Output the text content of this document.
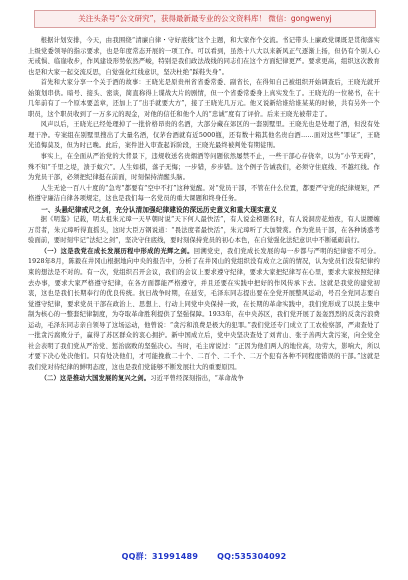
关注头条号“公文研究”，获得最新最专业的公文资料库！ 微信：gongwenyj

根据计划安排，今天，由我围绕“清廉自律・守好底线”这个主题，和大家作个交流。书记带头上廉政党课既是贯彻落实上级党委领导的指示要求，也是年度常态开展的一项工作。可以看到，虽然十八大以来新风正气逐渐上扬，但仍有个别人心无戒惧、临崖收步，作风建设形势依然严峻，特别是我们政法战线的同志们在这个方面纪律更严。要求更高，组织这次教育也是和大家一起交流反思，自觉强化红线意识，坚决杜绝“踩鞋失身”。

首先和大家分享一个关于酒的故事：王晓光是原贵州省省委常委、副省长，在得知自己被组织开始调查后，王晓光就开始策划串供。暗号、接头、密谈，简直称得上谍战大片的剧情，但一个省委常委身上真实发生了。王晓光的一位秘书，在十几年前有了一个原本要盖章，还加上了“出手就要大方”，接了王晓光几万元。他又说新给谁给谁某某的时候，共有另外一个职员，这个职员收到了一万多元的现金，对他的信任和他个人的“忠诚”度有了评价。后来王晓光被带走了。

风声以后，王晓光已经处理掉了一批价格昂贵的名酒，大部分藏在郊区的一套别墅里。王晓光也是处理了酒，但没有处理干净。专案组在别墅里搜出了大量名酒，仅茅台酒就有近5000瓶，还有数十箱其他名贵白酒……面对这些“罪证”，王晓光追悔莫及，但为时已晚。此后，案件进入审查起诉阶段，王晓光最终被判处有期徒刑。

事实上，在全面从严治党的大背景下，违规收送名贵烟酒等问题依然屡禁不止，一些干部心存侥幸，以为“小节无碍”，殊不知“千里之堤，溃于蚁穴”。人生如棋，落子无悔；一步错，步步错。这个例子告诫我们，必须守住底线、不越红线。作为党员干部，必须把纪律挺在前面，时刻保持清醒头脑。

人生无论一百八十度的“急弯”都要有“空中不打”这种觉醒。对“党员干部，不管在什么位置，都要严守党的纪律规矩，严格遵守廉洁自律各项规定，这也是我们每一名党员的重大课题和终身任务。

一、头悬纪律戒尺之剑，充分认清加强纪律建设的深远历史意义和重大现实意义

据《明鉴》记载，明太祖朱元璋一天早朝时说“天下何人最快活”，有人说金榜题名时，有人说洞房花烛夜，有人说腰缠万贯者，朱元璋听得直摇头，这时大臣万钢说道：“畏法度者最快活”，朱元璋听了大加赞赏。作为党员干部，在各种诱惑考验面前，要时刻牢记“法纪之剑”，坚决守住底线，要时刻保持党员的初心本色，在自觉强化法纪意识中不断砥砺前行。

（一）这是我党在成长发展历程中形成的光辉之剑。回溯党史，我们党成长发展的每一步都与严明的纪律密不可分。1928年8月，陈毅在井冈山根据地向中央的报告中，分析了在井冈山的党组织没有成立之前的情况，认为党员们没有纪律约束的想法是不对的。有一次，党组织召开会议，我们的会议上要求遵守纪律，要求大家把纪律写在心里，要求大家按照纪律去办事，要求大家严格遵守纪律，在各方面都能严格遵守，并且还要在实践中把好的作风传承下去。这就是我党的建党初衷，这也是我们长期奉行的优良传统。抗日战争时期，在延安，毛泽东同志提出要在全党开展整风运动，号召全党同志要自觉遵守纪律，要求党员干部在政治上、思想上、行动上同党中央保持一致，在长期的革命实践中，我们党形成了以民主集中制为核心的一整套纪律制度，为夺取革命胜利提供了坚强保障。1933年，在中央苏区，我们党开展了轰轰烈烈的反贪污浪费运动，毛泽东同志亲自领导了这场运动，他曾说：“贪污和浪费是极大的犯罪。”我们党还专门成立了工农检察部，严肃查处了一批贪污腐败分子，赢得了苏区群众的衷心拥护。新中国成立后，党中央坚决查处了刘青山、张子善两大贪污案，向全党全社会表明了我们党从严治党、惩治腐败的坚强决心。当时，毛主席说过：“正因为他们两人的地位高，功劳大，影响大，所以才要下决心处决他们。只有处决他们，才可能挽救二十个、二百个、二千个、二万个犯有各种不同程度错误的干部。”这就是我们党对待纪律的鲜明态度，这也是我们党能够不断发展壮大的重要原因。

（二）这是推动大国发展的复兴之剑。习近平曾经深刻指出，“革命战争

QQ群：31991489 QQ:535304092
